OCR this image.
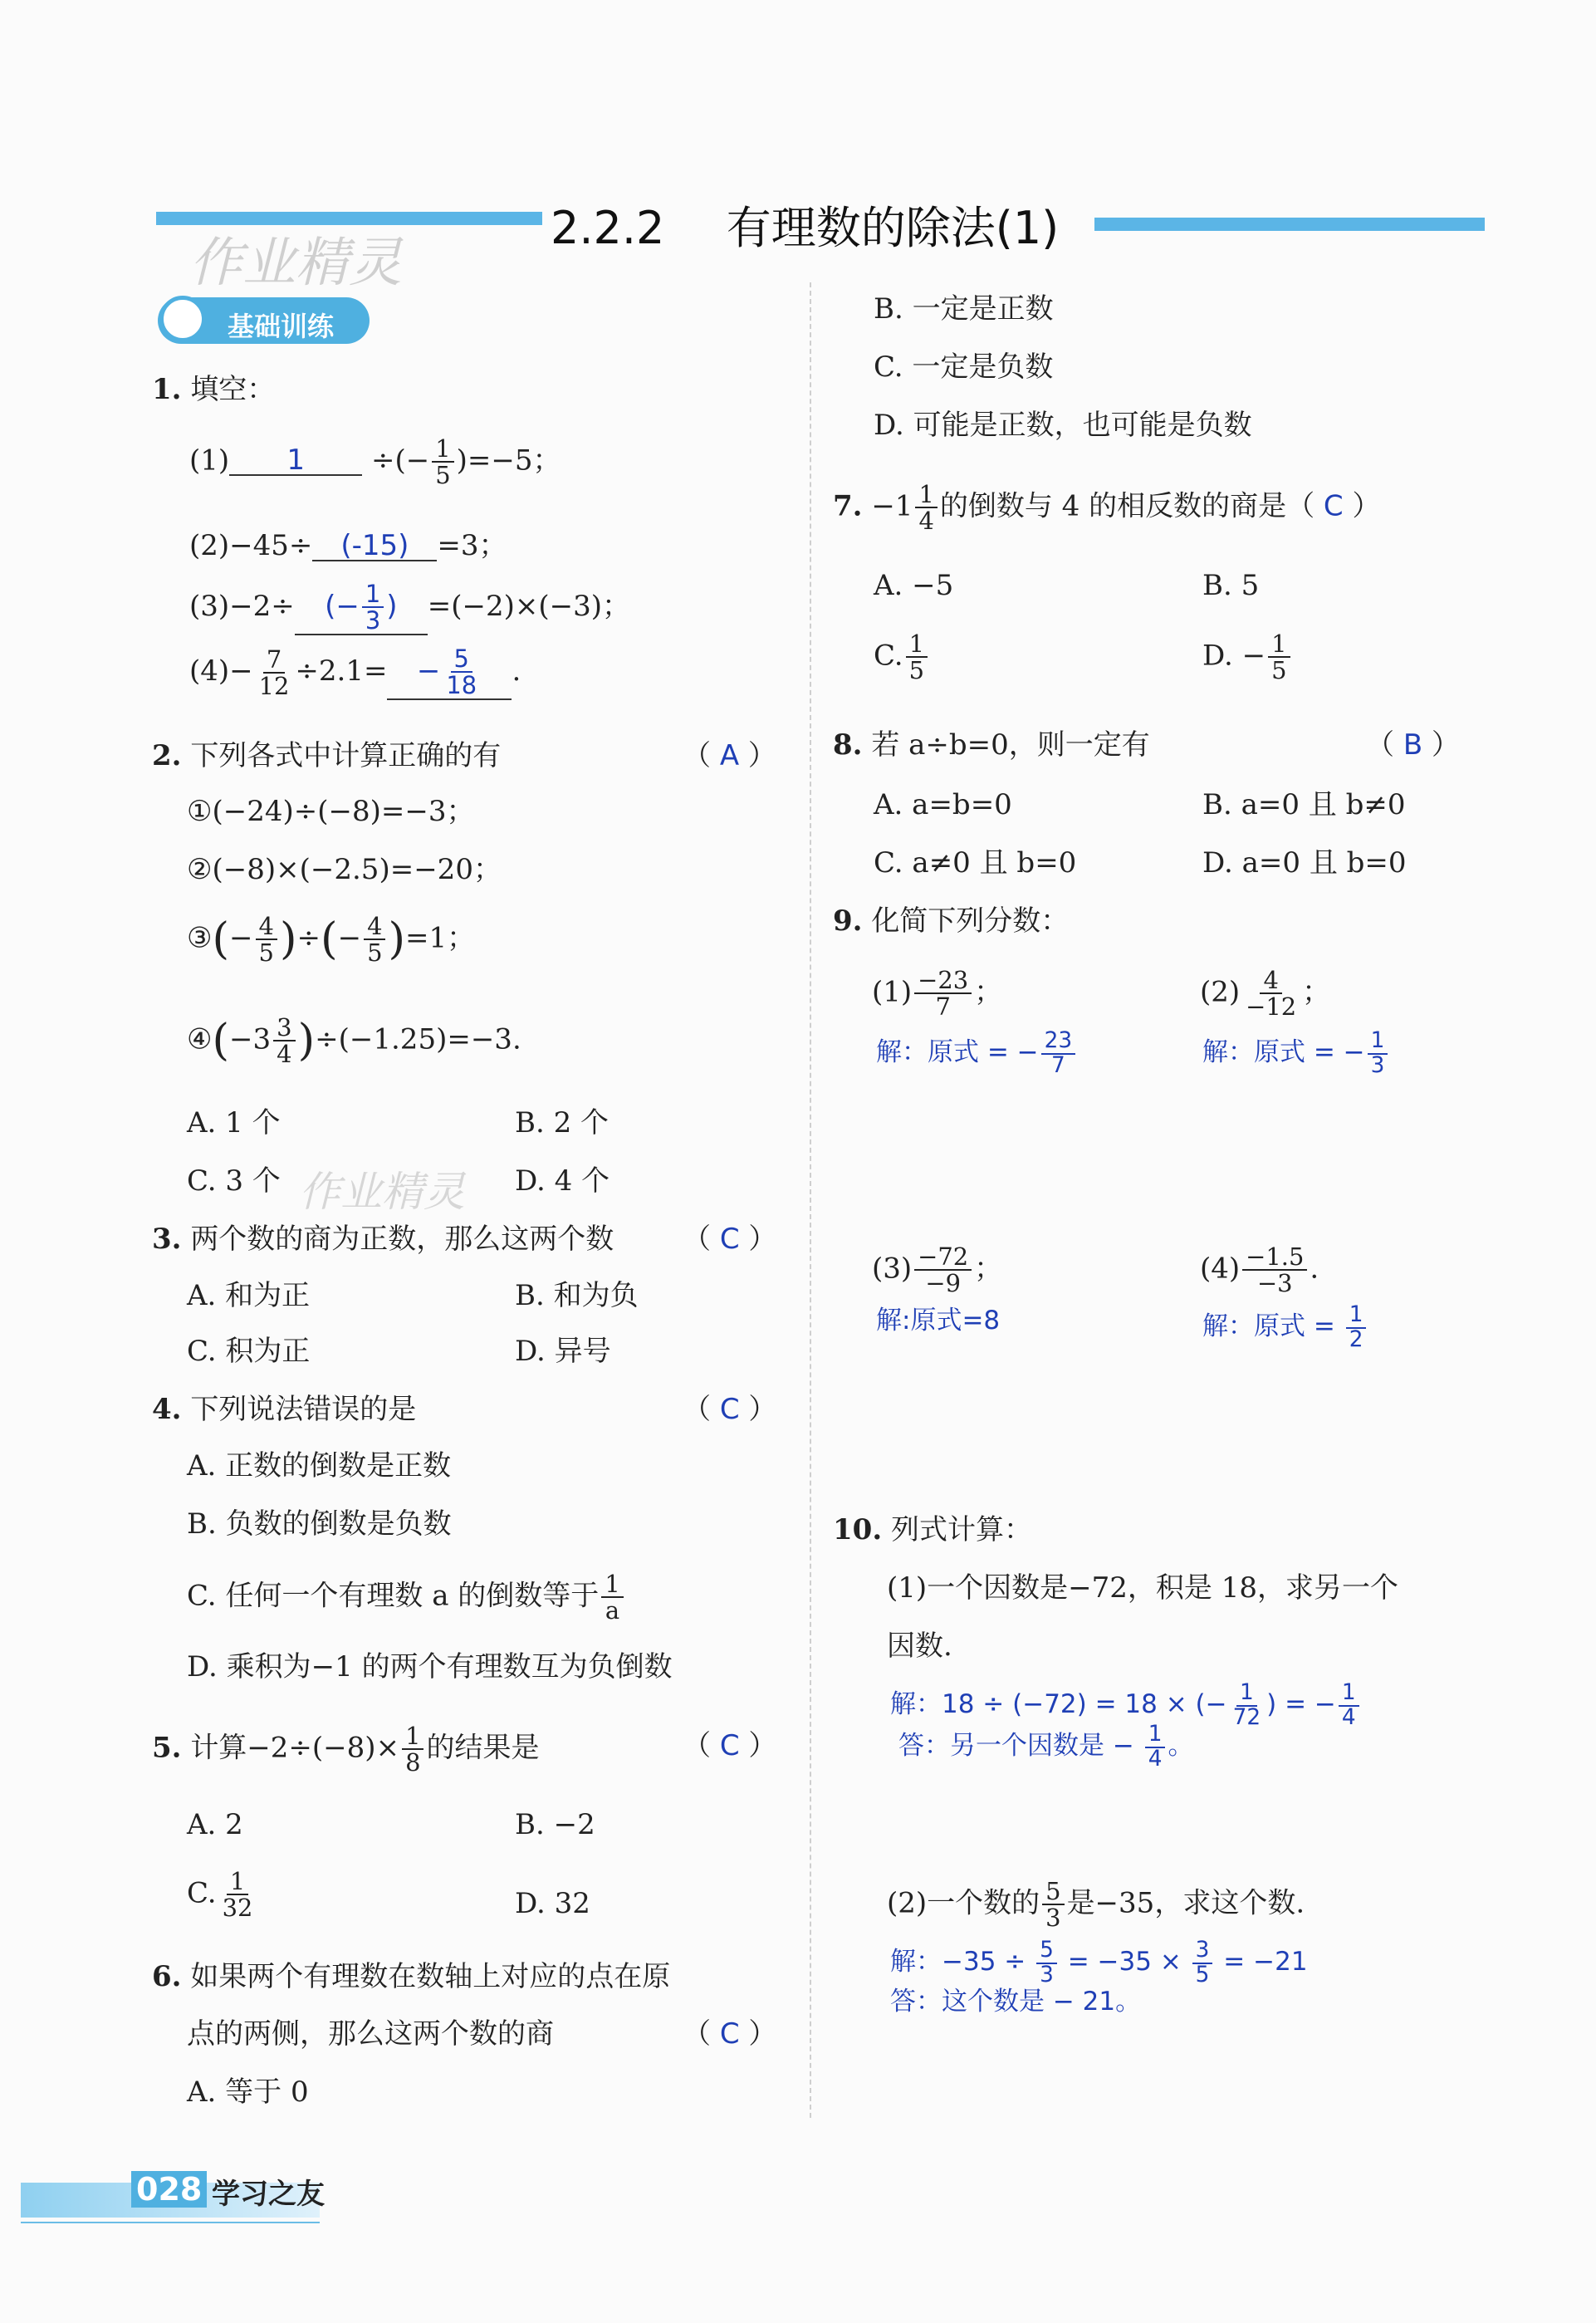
2.2.2 有理数的除法(1)
作业精灵
基础训练
1. 填空：
(1) 1 ÷(− $\frac{1}{5} )=-5$；
(2)−45÷ (-15) =3；
(3)−2÷ (− $\frac{1}{3}$ ) =(−2)×(−3)；
$(4)- \frac{7}{12} \div 2.1= - \frac{5}{18}$ .
2. 下列各式中计算正确的有	（ A ）
①(−24)÷(−8)=−3；
②(−8)×(−2.5)=−20；
③(− $\frac{4}{5}$ )÷(− $\frac{4}{5} )=1$；
④(−3 $\frac{3}{4} )\div(-1.25)=-3$.
A. 1 个	B. 2 个
C. 3 个	D. 4 个
作业精灵
3. 两个数的商为正数，那么这两个数 （ C ）
A. 和为正	B. 和为负
C. 积为正	D. 异号
4. 下列说法错误的是	（ C ）
A. 正数的倒数是正数
B. 负数的倒数是负数
C. 任何一个有理数 a 的倒数等于 $\frac{1}{a}$
D. 乘积为−1 的两个有理数互为负倒数
5. 计算$-2\div(-8)\times \frac{1}{8}$ 的结果是	（ C ）
A. 2	B. −2
C. $\frac{1}{32}$	D. 32
6. 如果两个有理数在数轴上对应的点在原
点的两侧，那么这两个数的商	（ C ）
A. 等于 0
B. 一定是正数
C. 一定是负数
D. 可能是正数，也可能是负数
7. $-1 \frac{1}{4}$ 的倒数与 4 的相反数的商是（ C ）
A. −5	B. 5
C. $\frac{1}{5}$	D. − $\frac{1}{5}$
8. 若 a÷b=0，则一定有	（ B ）
A. a=b=0	B. a=0 且 b≠0
C. a≠0 且 b=0	D. a=0 且 b=0
9. 化简下列分数：
$(1) \frac{-23}{7}$ ；
解：原式 = − $\frac{23}{7}$
$(2) \frac{4}{-12}$ ；
解：原式 = − $\frac{1}{3}$
$(3) \frac{-72}{-9}$ ；
解:原式=8
$(4) \frac{-1.5}{-3}$ .
解：原式 = $\frac{1}{2}$
10. 列式计算：
(1)一个因数是−72，积是 18，求另一个
因数.
解：18 ÷ (−72) = 18 × (− $\frac{1}{72}$ ) = − $\frac{1}{4}$
答：另一个因数是 − $\frac{1}{4}$ 。
(2)一个数的 $\frac{5}{3}$ 是−35，求这个数.
解：$-35 \div \frac{5}{3} = -35 \times \frac{3}{5} = -21$
答：这个数是 − 21。
028 学习之友
